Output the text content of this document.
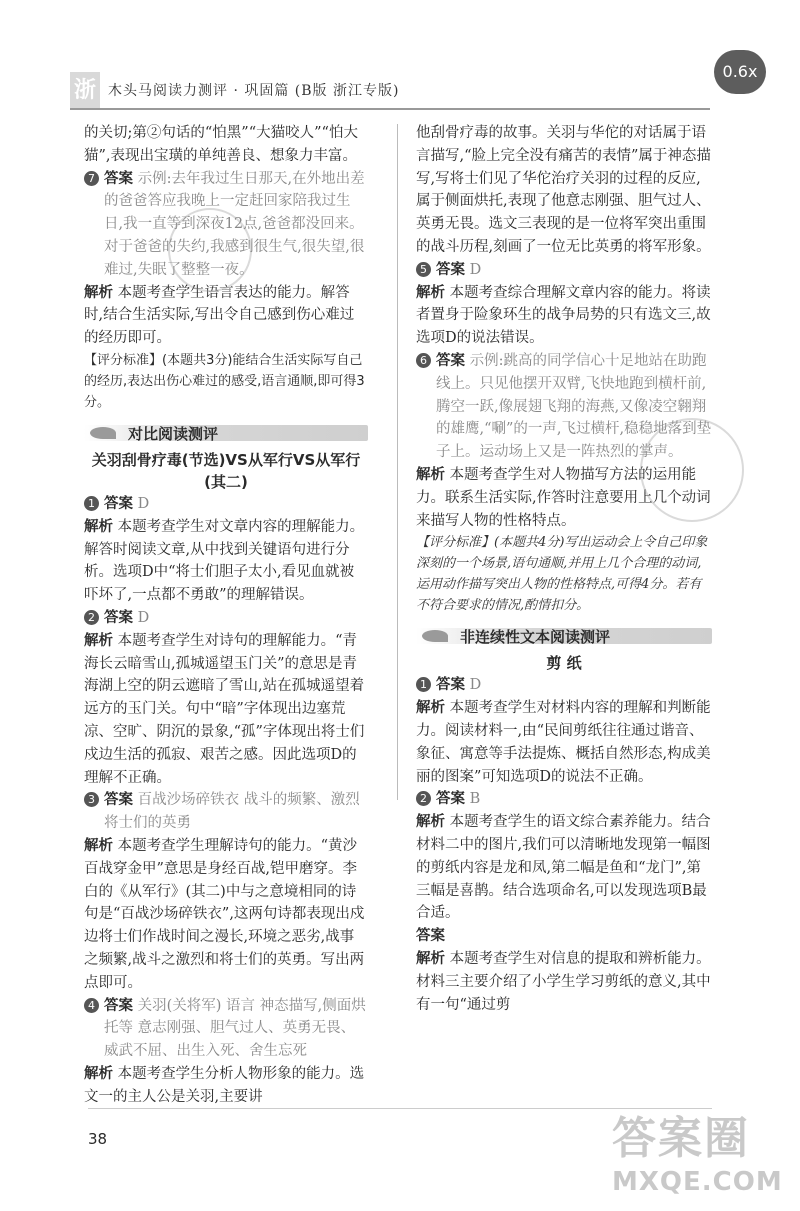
浙 木头马阅读力测评 · 巩固篇 (B版 浙江专版)
0.6x

的关切;第②句话的“怕黑”“大猫咬人”“怕大猫”,表现出宝璜的单纯善良、想象力丰富。

7 答案 示例:去年我过生日那天,在外地出差的爸爸答应我晚上一定赶回家陪我过生日,我一直等到深夜12点,爸爸都没回来。对于爸爸的失约,我感到很生气,很失望,很难过,失眠了整整一夜。

解析 本题考查学生语言表达的能力。解答时,结合生活实际,写出令自己感到伤心难过的经历即可。

【评分标准】(本题共3分)能结合生活实际写自己的经历,表达出伤心难过的感受,语言通顺,即可得3分。

对比阅读测评
关羽刮骨疗毒(节选)VS从军行VS从军行(其二)
1 答案 D

解析 本题考查学生对文章内容的理解能力。解答时阅读文章,从中找到关键语句进行分析。选项D中“将士们胆子太小,看见血就被吓坏了,一点都不勇敢”的理解错误。

2 答案 D

解析 本题考查学生对诗句的理解能力。“青海长云暗雪山,孤城遥望玉门关”的意思是青海湖上空的阴云遮暗了雪山,站在孤城遥望着远方的玉门关。句中“暗”字体现出边塞荒凉、空旷、阴沉的景象,“孤”字体现出将士们戍边生活的孤寂、艰苦之感。因此选项D的理解不正确。

3 答案 百战沙场碎铁衣 战斗的频繁、激烈 将士们的英勇

解析 本题考查学生理解诗句的能力。“黄沙百战穿金甲”意思是身经百战,铠甲磨穿。李白的《从军行》(其二)中与之意境相同的诗句是“百战沙场碎铁衣”,这两句诗都表现出戍边将士们作战时间之漫长,环境之恶劣,战事之频繁,战斗之激烈和将士们的英勇。写出两点即可。

4 答案 关羽(关将军) 语言 神态描写,侧面烘托等 意志刚强、胆气过人、英勇无畏、威武不屈、出生入死、舍生忘死

解析 本题考查学生分析人物形象的能力。选文一的主人公是关羽,主要讲

他刮骨疗毒的故事。关羽与华佗的对话属于语言描写,“脸上完全没有痛苦的表情”属于神态描写,写将士们见了华佗治疗关羽的过程的反应,属于侧面烘托,表现了他意志刚强、胆气过人、英勇无畏。选文三表现的是一位将军突出重围的战斗历程,刻画了一位无比英勇的将军形象。

5 答案 D

解析 本题考查综合理解文章内容的能力。将读者置身于险象环生的战争局势的只有选文三,故选项D的说法错误。

6 答案 示例:跳高的同学信心十足地站在助跑线上。只见他摆开双臂,飞快地跑到横杆前,腾空一跃,像展翅飞翔的海燕,又像凌空翱翔的雄鹰,“唰”的一声,飞过横杆,稳稳地落到垫子上。运动场上又是一阵热烈的掌声。

解析 本题考查学生对人物描写方法的运用能力。联系生活实际,作答时注意要用上几个动词来描写人物的性格特点。

【评分标准】(本题共4分)写出运动会上令自己印象深刻的一个场景,语句通顺,并用上几个合理的动词,运用动作描写突出人物的性格特点,可得4分。若有不符合要求的情况,酌情扣分。

非连续性文本阅读测评
剪 纸
1 答案 D

解析 本题考查学生对材料内容的理解和判断能力。阅读材料一,由“民间剪纸往往通过谐音、象征、寓意等手法提炼、概括自然形态,构成美丽的图案”可知选项D的说法不正确。

2 答案 B

解析 本题考查学生的语文综合素养能力。结合材料二中的图片,我们可以清晰地发现第一幅图的剪纸内容是龙和凤,第二幅是鱼和“龙门”,第三幅是喜鹊。结合选项命名,可以发现选项B最合适。

答案

解析 本题考查学生对信息的提取和辨析能力。材料三主要介绍了小学生学习剪纸的意义,其中有一句“通过剪

38	答案圈
MXQE.COM
